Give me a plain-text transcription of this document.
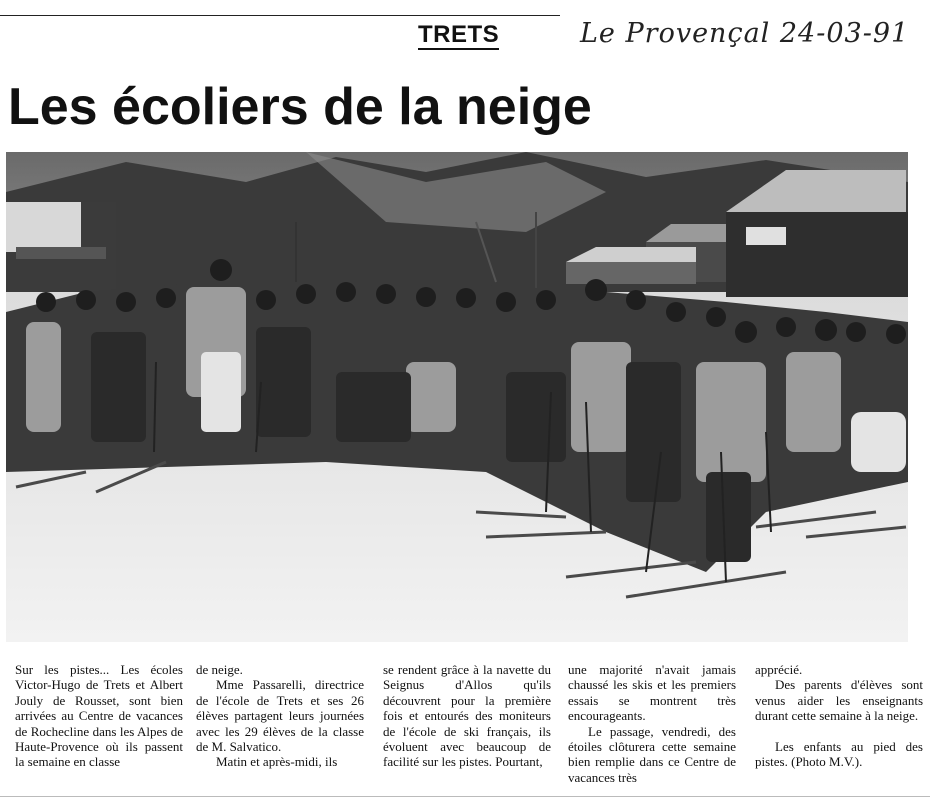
TRETS	Le Provençal 24-03-91
Les écoliers de la neige

Sur les pistes... Les écoles Victor-Hugo de Trets et Albert Jouly de Rousset, sont bien arrivées au Centre de vacances de Rochecline dans les Alpes de Haute-Provence où ils passent la semaine en classe

de neige.

Mme Passarelli, directrice de l'école de Trets et ses 26 élèves partagent leurs journées avec les 29 élèves de la classe de M. Salvatico.

Matin et après-midi, ils

se rendent grâce à la navette du Seignus d'Allos qu'ils découvrent pour la première fois et entourés des moniteurs de l'école de ski français, ils évoluent avec beaucoup de facilité sur les pistes. Pourtant,

une majorité n'avait jamais chaussé les skis et les premiers essais se montrent très encourageants.

Le passage, vendredi, des étoiles clôturera cette semaine bien remplie dans ce Centre de vacances très

apprécié.

Des parents d'élèves sont venus aider les enseignants durant cette semaine à la neige.

Les enfants au pied des pistes. (Photo M.V.).
